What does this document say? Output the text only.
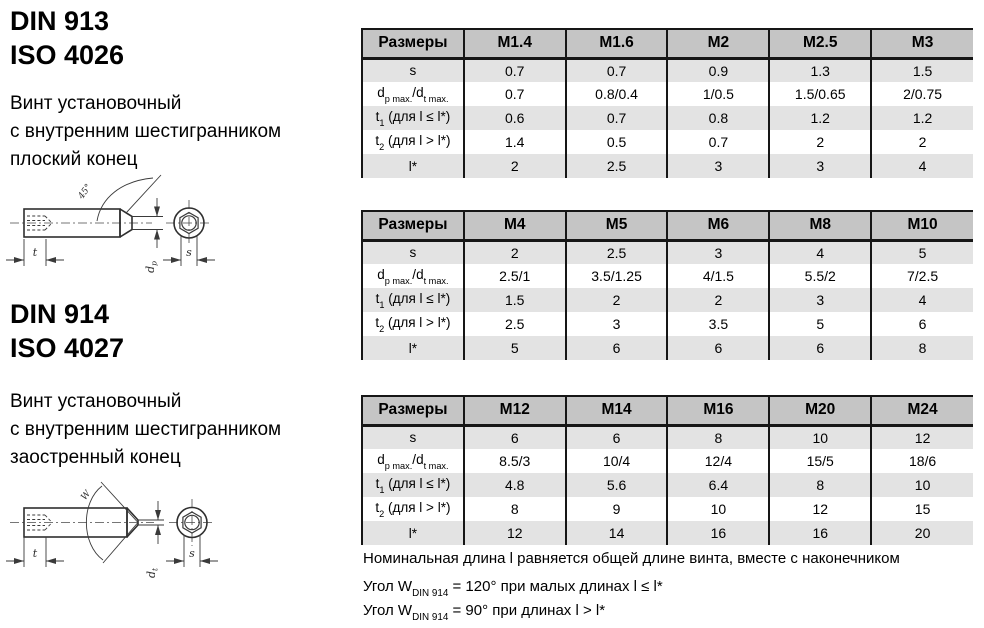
DIN 913
ISO 4026
Винт установочный
с внутренним шестигранником
плоский конец
45°
t
$d_p$
s
DIN 914
ISO 4027
Винт установочный
с внутренним шестигранником
заостренный конец
W
t
$d_t$
s
Размеры	M1.4	M1.6	M2	M2.5	M3
s	0.7	0.7	0.9	1.3	1.5
$d_{p max.}/d_{t max.}$	0.7	0.8/0.4	1/0.5	1.5/0.65	2/0.75
$t_1$ (для l ≤ l*)	0.6	0.7	0.8	1.2	1.2
$t_2$ (для l > l*)	1.4	0.5	0.7	2	2
l*	2	2.5	3	3	4
Размеры	M4	M5	M6	M8	M10
s	2	2.5	3	4	5
$d_{p max.}/d_{t max.}$	2.5/1	3.5/1.25	4/1.5	5.5/2	7/2.5
$t_1$ (для l ≤ l*)	1.5	2	2	3	4
$t_2$ (для l > l*)	2.5	3	3.5	5	6
l*	5	6	6	6	8
Размеры	M12	M14	M16	M20	M24
s	6	6	8	10	12
$d_{p max.}/d_{t max.}$	8.5/3	10/4	12/4	15/5	18/6
$t_1$ (для l ≤ l*)	4.8	5.6	6.4	8	10
$t_2$ (для l > l*)	8	9	10	12	15
l*	12	14	16	16	20
Номинальная длина l равняется общей длине винта, вместе с наконечником
Угол $W_{DIN 914} = 120^\circ$ при малых длинах l ≤ l*
Угол $W_{DIN 914} = 90^\circ$ при длинах l > l*
